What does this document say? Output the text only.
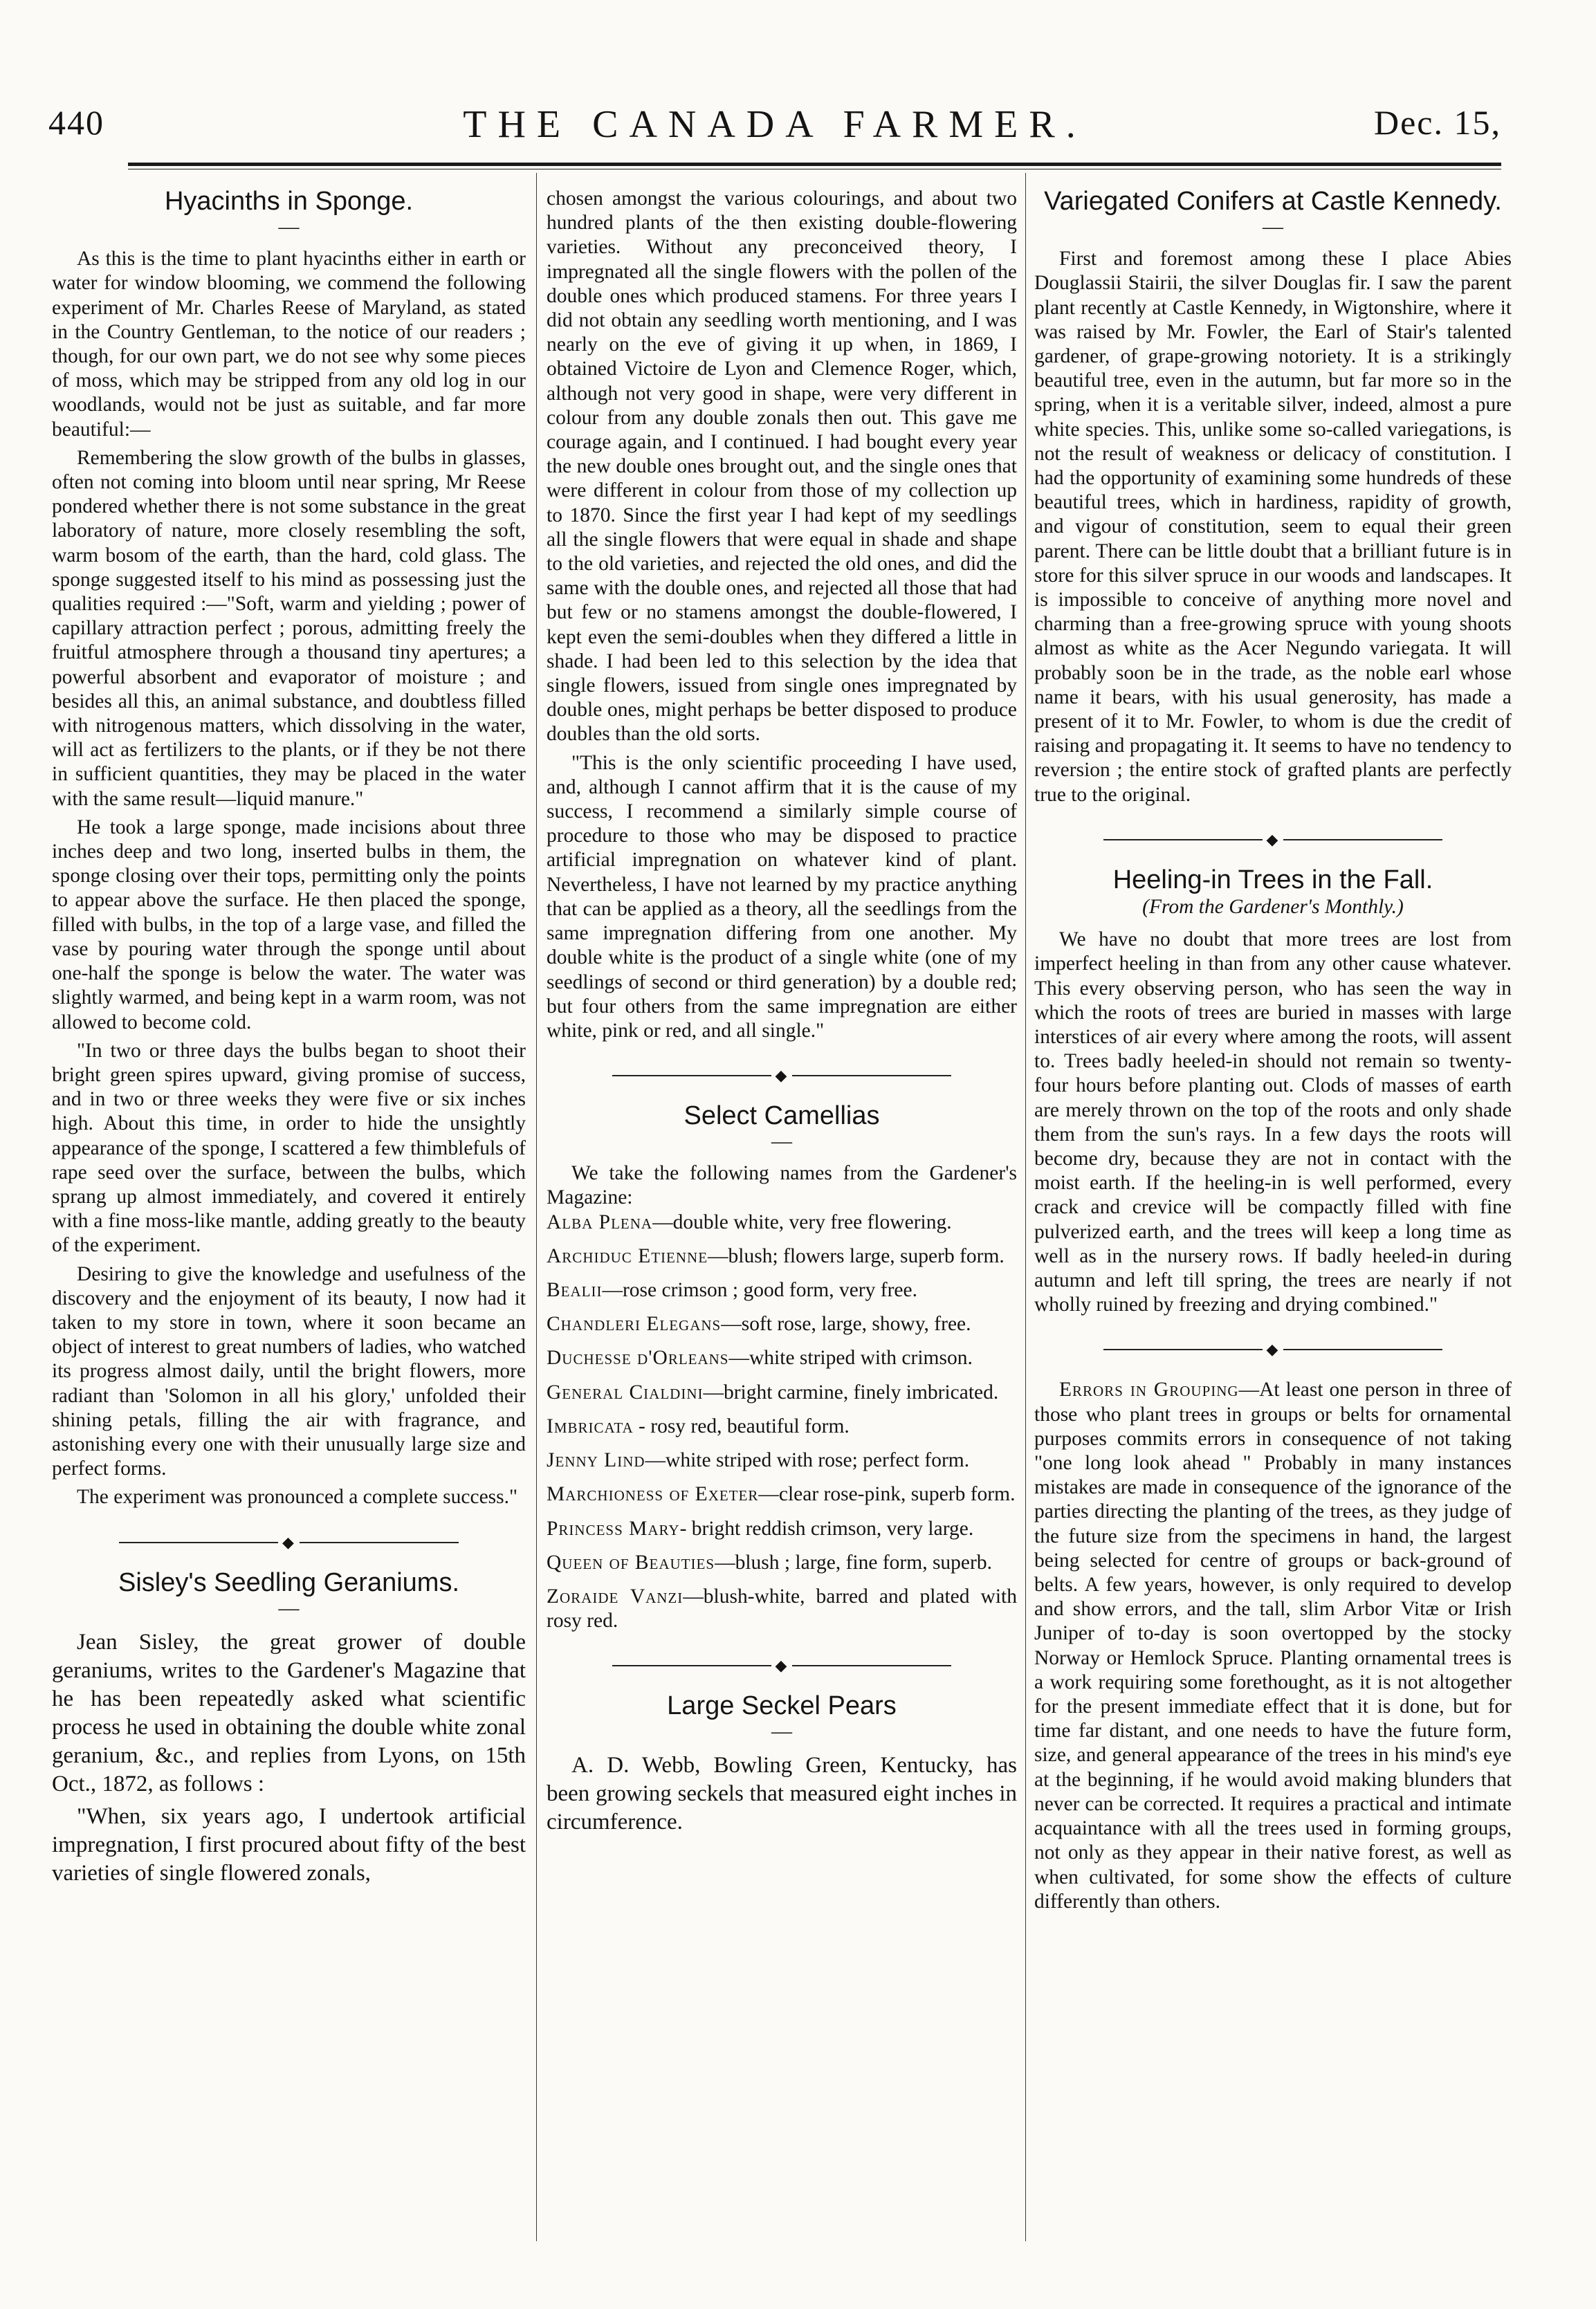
440	THE CANADA FARMER.	Dec. 15,
Hyacinths in Sponge.
—

As this is the time to plant hyacinths either in earth or water for window blooming, we commend the following experiment of Mr. Charles Reese of Maryland, as stated in the Country Gentleman, to the notice of our readers ; though, for our own part, we do not see why some pieces of moss, which may be stripped from any old log in our woodlands, would not be just as suitable, and far more beautiful:—

Remembering the slow growth of the bulbs in glasses, often not coming into bloom until near spring, Mr Reese pondered whether there is not some substance in the great laboratory of nature, more closely resembling the soft, warm bosom of the earth, than the hard, cold glass. The sponge suggested itself to his mind as possessing just the qualities required :—"Soft, warm and yielding ; power of capillary attraction perfect ; porous, admitting freely the fruitful atmosphere through a thousand tiny apertures; a powerful absorbent and evaporator of moisture ; and besides all this, an animal substance, and doubtless filled with nitrogenous matters, which dissolving in the water, will act as fertilizers to the plants, or if they be not there in sufficient quantities, they may be placed in the water with the same result—liquid manure."

He took a large sponge, made incisions about three inches deep and two long, inserted bulbs in them, the sponge closing over their tops, permitting only the points to appear above the surface. He then placed the sponge, filled with bulbs, in the top of a large vase, and filled the vase by pouring water through the sponge until about one-half the sponge is below the water. The water was slightly warmed, and being kept in a warm room, was not allowed to become cold.

"In two or three days the bulbs began to shoot their bright green spires upward, giving promise of success, and in two or three weeks they were five or six inches high. About this time, in order to hide the unsightly appearance of the sponge, I scattered a few thimblefuls of rape seed over the surface, between the bulbs, which sprang up almost immediately, and covered it entirely with a fine moss-like mantle, adding greatly to the beauty of the experiment.

Desiring to give the knowledge and usefulness of the discovery and the enjoyment of its beauty, I now had it taken to my store in town, where it soon became an object of interest to great numbers of ladies, who watched its progress almost daily, until the bright flowers, more radiant than 'Solomon in all his glory,' unfolded their shining petals, filling the air with fragrance, and astonishing every one with their unusually large size and perfect forms.

The experiment was pronounced a complete success."

◆
Sisley's Seedling Geraniums.
—

Jean Sisley, the great grower of double geraniums, writes to the Gardener's Magazine that he has been repeatedly asked what scientific process he used in obtaining the double white zonal geranium, &c., and replies from Lyons, on 15th Oct., 1872, as follows :

"When, six years ago, I undertook artificial impregnation, I first procured about fifty of the best varieties of single flowered zonals,

chosen amongst the various colourings, and about two hundred plants of the then existing double-flowering varieties. Without any preconceived theory, I impregnated all the single flowers with the pollen of the double ones which produced stamens. For three years I did not obtain any seedling worth mentioning, and I was nearly on the eve of giving it up when, in 1869, I obtained Victoire de Lyon and Clemence Roger, which, although not very good in shape, were very different in colour from any double zonals then out. This gave me courage again, and I continued. I had bought every year the new double ones brought out, and the single ones that were different in colour from those of my collection up to 1870. Since the first year I had kept of my seedlings all the single flowers that were equal in shade and shape to the old varieties, and rejected the old ones, and did the same with the double ones, and rejected all those that had but few or no stamens amongst the double-flowered, I kept even the semi-doubles when they differed a little in shade. I had been led to this selection by the idea that single flowers, issued from single ones impregnated by double ones, might perhaps be better disposed to produce doubles than the old sorts.

"This is the only scientific proceeding I have used, and, although I cannot affirm that it is the cause of my success, I recommend a similarly simple course of procedure to those who may be disposed to practice artificial impregnation on whatever kind of plant. Nevertheless, I have not learned by my practice anything that can be applied as a theory, all the seedlings from the same impregnation differing from one another. My double white is the product of a single white (one of my seedlings of second or third generation) by a double red; but four others from the same impregnation are either white, pink or red, and all single."

◆
Select Camellias
—

We take the following names from the Gardener's Magazine:

Alba Plena—double white, very free flowering.

Archiduc Etienne—blush; flowers large, superb form.

Bealii—rose crimson ; good form, very free.

Chandleri Elegans—soft rose, large, showy, free.

Duchesse d'Orleans—white striped with crimson.

General Cialdini—bright carmine, finely imbricated.

Imbricata - rosy red, beautiful form.

Jenny Lind—white striped with rose; perfect form.

Marchioness of Exeter—clear rose-pink, superb form.

Princess Mary- bright reddish crimson, very large.

Queen of Beauties—blush ; large, fine form, superb.

Zoraide Vanzi—blush-white, barred and plated with rosy red.

◆
Large Seckel Pears
—

A. D. Webb, Bowling Green, Kentucky, has been growing seckels that measured eight inches in circumference.

Variegated Conifers at Castle Kennedy.
—

First and foremost among these I place Abies Douglassii Stairii, the silver Douglas fir. I saw the parent plant recently at Castle Kennedy, in Wigtonshire, where it was raised by Mr. Fowler, the Earl of Stair's talented gardener, of grape-growing notoriety. It is a strikingly beautiful tree, even in the autumn, but far more so in the spring, when it is a veritable silver, indeed, almost a pure white species. This, unlike some so-called variegations, is not the result of weakness or delicacy of constitution. I had the opportunity of examining some hundreds of these beautiful trees, which in hardiness, rapidity of growth, and vigour of constitution, seem to equal their green parent. There can be little doubt that a brilliant future is in store for this silver spruce in our woods and landscapes. It is impossible to conceive of anything more novel and charming than a free-growing spruce with young shoots almost as white as the Acer Negundo variegata. It will probably soon be in the trade, as the noble earl whose name it bears, with his usual generosity, has made a present of it to Mr. Fowler, to whom is due the credit of raising and propagating it. It seems to have no tendency to reversion ; the entire stock of grafted plants are perfectly true to the original.

◆
Heeling-in Trees in the Fall.

(From the Gardener's Monthly.)

We have no doubt that more trees are lost from imperfect heeling in than from any other cause whatever. This every observing person, who has seen the way in which the roots of trees are buried in masses with large interstices of air every where among the roots, will assent to. Trees badly heeled-in should not remain so twenty-four hours before planting out. Clods of masses of earth are merely thrown on the top of the roots and only shade them from the sun's rays. In a few days the roots will become dry, because they are not in contact with the moist earth. If the heeling-in is well performed, every crack and crevice will be compactly filled with fine pulverized earth, and the trees will keep a long time as well as in the nursery rows. If badly heeled-in during autumn and left till spring, the trees are nearly if not wholly ruined by freezing and drying combined."

◆

Errors in Grouping—At least one person in three of those who plant trees in groups or belts for ornamental purposes commits errors in consequence of not taking "one long look ahead " Probably in many instances mistakes are made in consequence of the ignorance of the parties directing the planting of the trees, as they judge of the future size from the specimens in hand, the largest being selected for centre of groups or back-ground of belts. A few years, however, is only required to develop and show errors, and the tall, slim Arbor Vitæ or Irish Juniper of to-day is soon overtopped by the stocky Norway or Hemlock Spruce. Planting ornamental trees is a work requiring some forethought, as it is not altogether for the present immediate effect that it is done, but for time far distant, and one needs to have the future form, size, and general appearance of the trees in his mind's eye at the beginning, if he would avoid making blunders that never can be corrected. It requires a practical and intimate acquaintance with all the trees used in forming groups, not only as they appear in their native forest, as well as when cultivated, for some show the effects of culture differently than others.
